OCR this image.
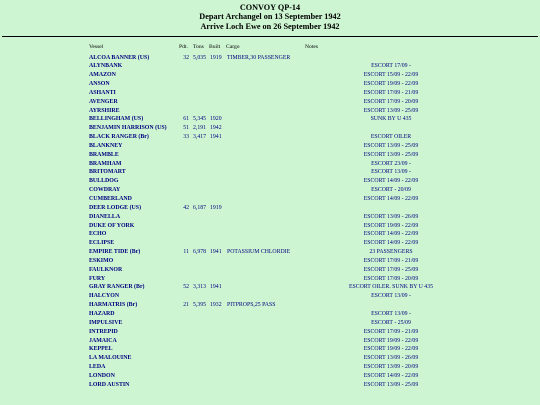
CONVOY QP-14
Depart Archangel on 13 September 1942
Arrive Loch Ewe on 26 September 1942
Vessel	Pdt. Tons Built Cargo	Notes
ALCOA BANNER (US)	32 5,035 1919 TIMBER,30 PASSENGER
ALYNBANK	ESCORT 17/09 -
AMAZON	ESCORT 15/09 - 22/09
ANSON	ESCORT 19/09 - 22/09
ASHANTI	ESCORT 17/09 - 21/09
AVENGER	ESCORT 17/09 - 20/09
AYRSHIRE	ESCORT 13/09 - 25/09
BELLINGHAM (US)	61 5,345 1920	SUNK BY U 435
BENJAMIN HARRISON (US)	51 2,191 1942
BLACK RANGER (Br)	33 3,417 1941	ESCORT OILER
BLANKNEY	ESCORT 13/09 - 25/09
BRAMBLE	ESCORT 13/09 - 25/09
BRAMHAM	ESCORT 23/09 -
BRITOMART	ESCORT 13/09 -
BULLDOG	ESCORT 14/09 - 22/09
COWDRAY	ESCORT - 20/09
CUMBERLAND	ESCORT 14/09 - 22/09
DEER LODGE (US)	42 6,187 1919
DIANELLA	ESCORT 13/09 - 26/09
DUKE OF YORK	ESCORT 19/09 - 22/09
ECHO	ESCORT 14/09 - 22/09
ECLIPSE	ESCORT 14/09 - 22/09
EMPIRE TIDE (Br)	11 6,978 1941 POTASSIUM CHLORDIE	23 PASSENGERS
ESKIMO	ESCORT 17/09 - 21/09
FAULKNOR	ESCORT 17/09 - 25/09
FURY	ESCORT 17/09 - 20/09
GRAY RANGER (Br)	52 3,313 1941	ESCORT OILER. SUNK BY U 435
HALCYON	ESCORT 13/09 -
HARMATRIS (Br)	21 5,395 1932 PITPROPS,25 PASS
HAZARD	ESCORT 13/09 -
IMPULSIVE	ESCORT - 25/09
INTREPID	ESCORT 17/09 - 21/09
JAMAICA	ESCORT 19/09 - 22/09
KEPPEL	ESCORT 19/09 - 22/09
LA MALOUINE	ESCORT 13/09 - 26/09
LEDA	ESCORT 13/09 - 20/09
LONDON	ESCORT 14/09 - 22/09
LORD AUSTIN	ESCORT 13/09 - 25/09
